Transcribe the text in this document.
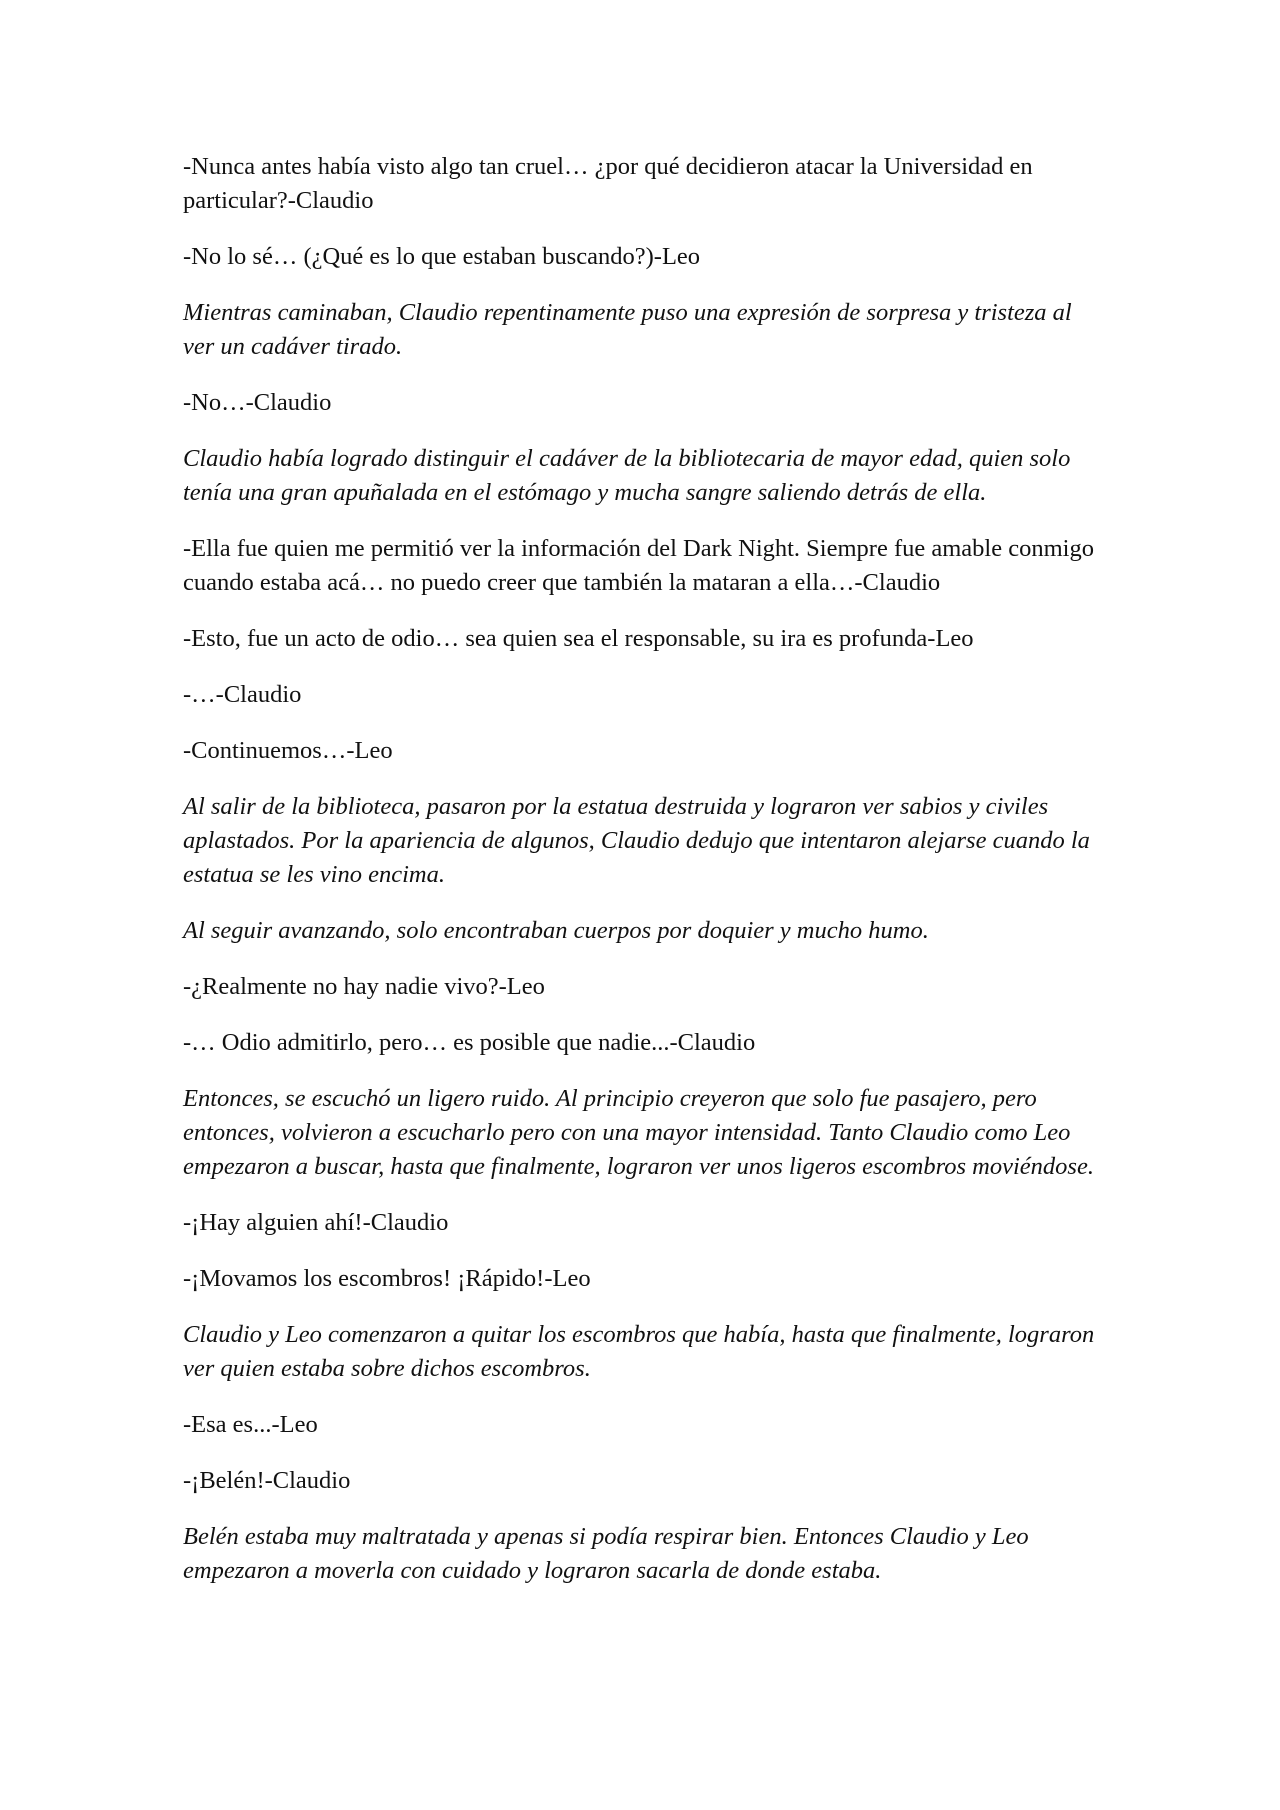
-Nunca antes había visto algo tan cruel… ¿por qué decidieron atacar la Universidad en particular?-Claudio

-No lo sé… (¿Qué es lo que estaban buscando?)-Leo

Mientras caminaban, Claudio repentinamente puso una expresión de sorpresa y tristeza al ver un cadáver tirado.

-No…-Claudio

Claudio había logrado distinguir el cadáver de la bibliotecaria de mayor edad, quien solo tenía una gran apuñalada en el estómago y mucha sangre saliendo detrás de ella.

-Ella fue quien me permitió ver la información del Dark Night. Siempre fue amable conmigo cuando estaba acá… no puedo creer que también la mataran a ella…-Claudio

-Esto, fue un acto de odio… sea quien sea el responsable, su ira es profunda-Leo

-…-Claudio

-Continuemos…-Leo

Al salir de la biblioteca, pasaron por la estatua destruida y lograron ver sabios y civiles aplastados. Por la apariencia de algunos, Claudio dedujo que intentaron alejarse cuando la estatua se les vino encima.

Al seguir avanzando, solo encontraban cuerpos por doquier y mucho humo.

-¿Realmente no hay nadie vivo?-Leo

-… Odio admitirlo, pero… es posible que nadie...-Claudio

Entonces, se escuchó un ligero ruido. Al principio creyeron que solo fue pasajero, pero entonces, volvieron a escucharlo pero con una mayor intensidad. Tanto Claudio como Leo empezaron a buscar, hasta que finalmente, lograron ver unos ligeros escombros moviéndose.

-¡Hay alguien ahí!-Claudio

-¡Movamos los escombros! ¡Rápido!-Leo

Claudio y Leo comenzaron a quitar los escombros que había, hasta que finalmente, lograron ver quien estaba sobre dichos escombros.

-Esa es...-Leo

-¡Belén!-Claudio

Belén estaba muy maltratada y apenas si podía respirar bien. Entonces Claudio y Leo empezaron a moverla con cuidado y lograron sacarla de donde estaba.
